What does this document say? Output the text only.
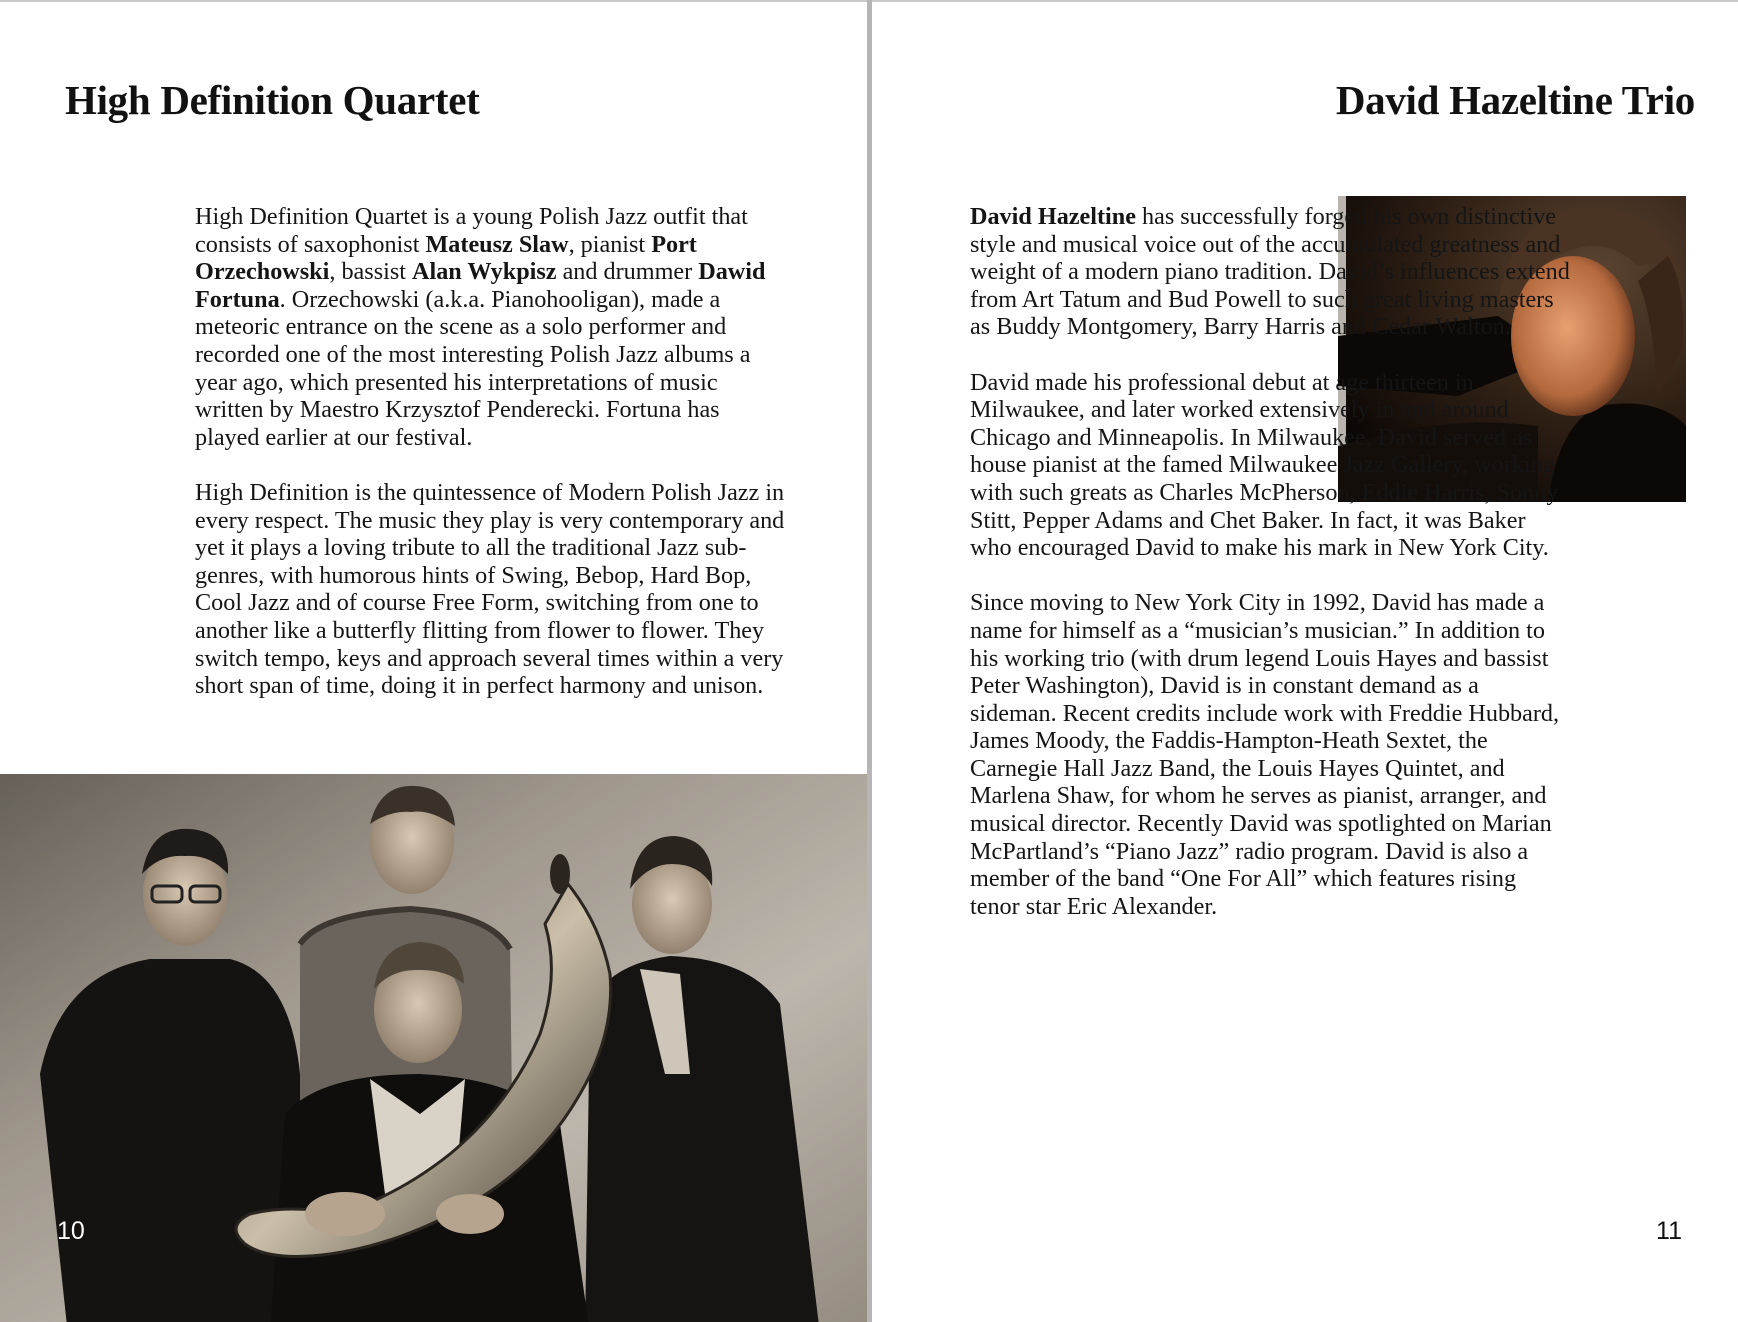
High Definition Quartet

High Definition Quartet is a young Polish Jazz outfit that consists of saxophonist Mateusz Slaw, pianist Port Orzechowski, bassist Alan Wykpisz and drummer Dawid Fortuna. Orzechowski (a.k.a. Pianohooligan), made a meteoric entrance on the scene as a solo performer and recorded one of the most interesting Polish Jazz albums a year ago, which presented his interpretations of music written by Maestro Krzysztof Penderecki. Fortuna has played earlier at our festival.

High Definition is the quintessence of Modern Polish Jazz in every respect. The music they play is very contemporary and yet it plays a loving tribute to all the traditional Jazz sub-genres, with humorous hints of Swing, Bebop, Hard Bop, Cool Jazz and of course Free Form, switching from one to another like a butterfly flitting from flower to flower. They switch tempo, keys and approach several times within a very short span of time, doing it in perfect harmony and unison.

10
David Hazeltine Trio

David Hazeltine has successfully forged his own distinctive style and musical voice out of the accumulated greatness and weight of a modern piano tradition. David’s influences extend from Art Tatum and Bud Powell to such great living masters as Buddy Montgomery, Barry Harris and Cedar Walton.

David made his professional debut at age thirteen in Milwaukee, and later worked extensively in and around Chicago and Minneapolis. In Milwaukee, David served as house pianist at the famed Milwaukee Jazz Gallery, working with such greats as Charles McPherson, Eddie Harris, Sonny Stitt, Pepper Adams and Chet Baker. In fact, it was Baker who encouraged David to make his mark in New York City.

Since moving to New York City in 1992, David has made a name for himself as a “musician’s musician.” In addition to his working trio (with drum legend Louis Hayes and bassist Peter Washington), David is in constant demand as a sideman. Recent credits include work with Freddie Hubbard, James Moody, the Faddis-Hampton-Heath Sextet, the Carnegie Hall Jazz Band, the Louis Hayes Quintet, and Marlena Shaw, for whom he serves as pianist, arranger, and musical director. Recently David was spotlighted on Marian McPartland’s “Piano Jazz” radio program. David is also a member of the band “One For All” which features rising tenor star Eric Alexander.

11
